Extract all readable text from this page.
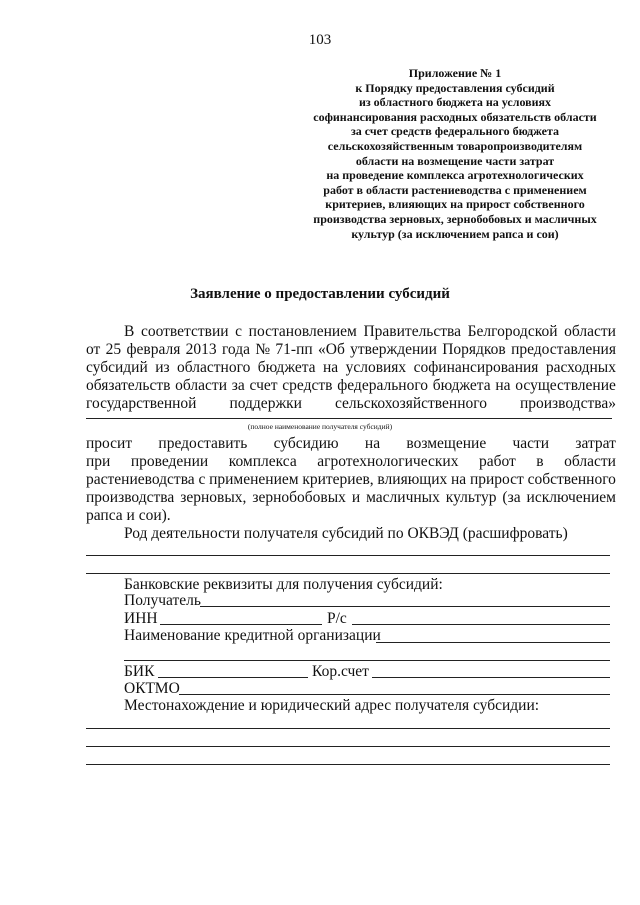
103
Приложение № 1
к Порядку предоставления субсидий
из областного бюджета на условиях
софинансирования расходных обязательств области
за счет средств федерального бюджета
сельскохозяйственным товаропроизводителям
области на возмещение части затрат
на проведение комплекса агротехнологических
работ в области растениеводства с применением
критериев, влияющих на прирост собственного
производства зерновых, зернобобовых и масличных
культур (за исключением рапса и сои)
Заявление о предоставлении субсидий
В соответствии с постановлением Правительства Белгородской области
от 25 февраля 2013 года № 71-пп «Об утверждении Порядков предоставления
субсидий из областного бюджета на условиях софинансирования расходных
обязательств области за счет средств федерального бюджета на осуществление
государственной поддержки сельскохозяйственного производства»
(полное наименование получателя субсидий)
просит предоставить субсидию на возмещение части затрат
при проведении комплекса агротехнологических работ в области
растениеводства с применением критериев, влияющих на прирост собственного
производства зерновых, зернобобовых и масличных культур (за исключением
рапса и сои).
Род деятельности получателя субсидий по ОКВЭД (расшифровать)
Банковские реквизиты для получения субсидий:
Получатель
ИНН	Р/с
Наименование кредитной организации
БИК	Кор.счет
ОКТМО
Местонахождение и юридический адрес получателя субсидии:
